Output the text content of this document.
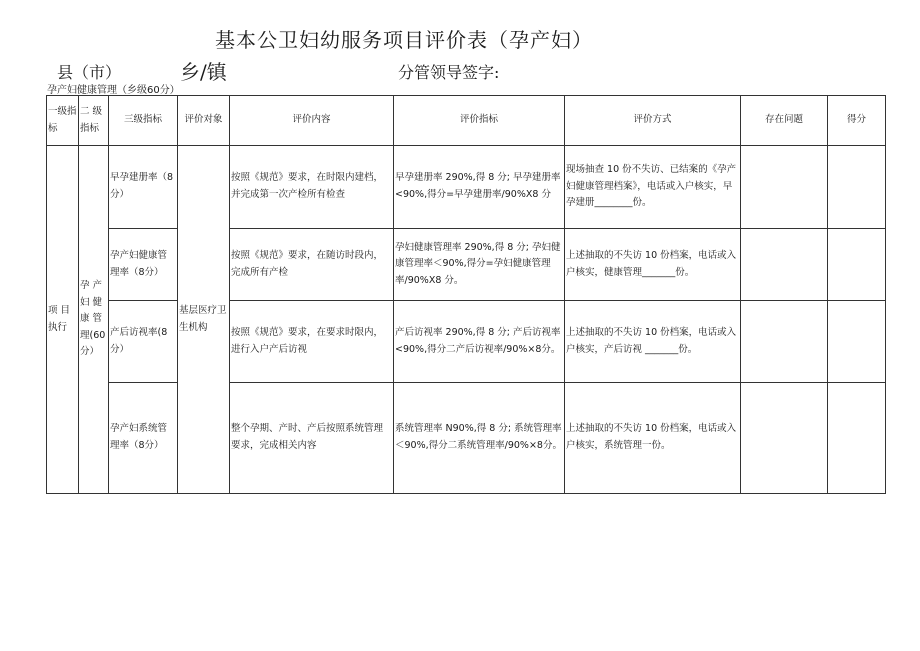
基本公卫妇幼服务项目评价表（孕产妇）
县（市）	乡/镇	分管领导签字:
孕产妇健康管理（乡级60分）
一级指标	二 级指标	三级指标	评价对象	评价内容	评价指标	评价方式	存在问题	得分
项 目执行	孕 产妇 健康 管理(60分）	早孕建册率（8分）	基层医疗卫生机构	按照《规范》要求，在时限内建档，并完成第一次产检所有检查	早孕建册率 290%,得 8 分; 早孕建册率<90%,得分=早孕建册率/90%X8 分	现场抽查 10 份不失访、已结案的《孕产妇健康管理档案》，电话或入户核实，早孕建册________份。		
		孕产妇健康管理率（8分）		按照《规范》要求，在随访时段内，完成所有产检	孕妇健康管理率 290%,得 8 分; 孕妇健康管理率＜90%,得分=孕妇健康管理率/90%X8 分。	上述抽取的不失访 10 份档案，电话或入户核实，健康管理_______份。		
		产后访视率(8分）		按照《规范》要求，在要求时限内，进行入户产后访视	产后访视率 290%,得 8 分; 产后访视率<90%,得分二产后访视率/90%×8分。	上述抽取的不失访 10 份档案，电话或入户核实，产后访视 _______份。		
		孕产妇系统管理率（8分）		整个孕期、产时、产后按照系统管理要求，完成相关内容	系统管理率 N90%,得 8 分; 系统管理率＜90%,得分二系统管理率/90%×8分。	上述抽取的不失访 10 份档案，电话或入户核实，系统管理一份。		
